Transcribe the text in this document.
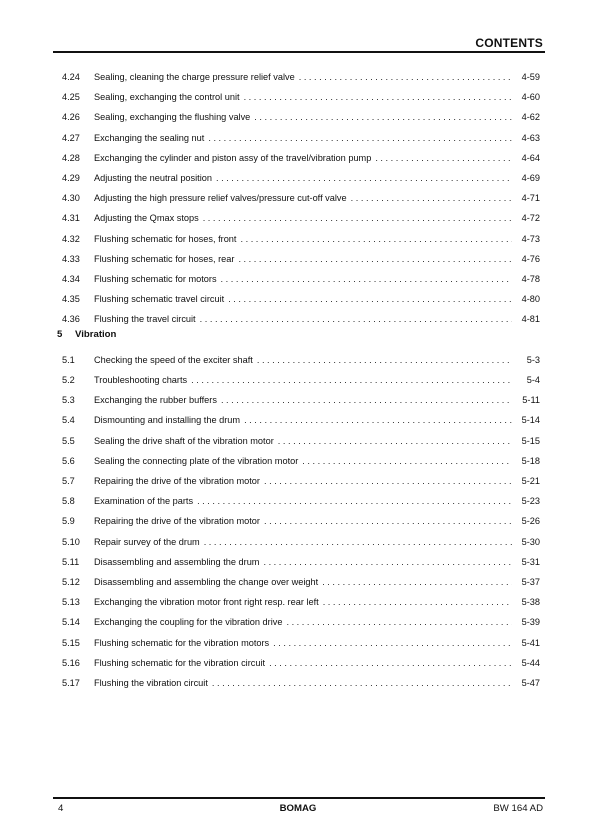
CONTENTS
4.24	Sealing, cleaning the charge pressure relief valve . . .	4-59
4.25	Sealing, exchanging the control unit . . .	4-60
4.26	Sealing, exchanging the flushing valve . . .	4-62
4.27	Exchanging the sealing nut . . .	4-63
4.28	Exchanging the cylinder and piston assy of the travel/vibration pump . . .	4-64
4.29	Adjusting the neutral position . . .	4-69
4.30	Adjusting the high pressure relief valves/pressure cut-off valve . . .	4-71
4.31	Adjusting the Qmax stops . . .	4-72
4.32	Flushing schematic for hoses, front . . .	4-73
4.33	Flushing schematic for hoses, rear . . .	4-76
4.34	Flushing schematic for motors . . .	4-78
4.35	Flushing schematic travel circuit . . .	4-80
4.36	Flushing the travel circuit . . .	4-81
5 Vibration
5.1	Checking the speed of the exciter shaft . . .	5-3
5.2	Troubleshooting charts . . .	5-4
5.3	Exchanging the rubber buffers . . .	5-11
5.4	Dismounting and installing the drum . . .	5-14
5.5	Sealing the drive shaft of the vibration motor . . .	5-15
5.6	Sealing the connecting plate of the vibration motor . . .	5-18
5.7	Repairing the drive of the vibration motor . . .	5-21
5.8	Examination of the parts . . .	5-23
5.9	Repairing the drive of the vibration motor . . .	5-26
5.10	Repair survey of the drum . . .	5-30
5.11	Disassembling and assembling the drum . . .	5-31
5.12	Disassembling and assembling the change over weight . . .	5-37
5.13	Exchanging the vibration motor front right resp. rear left . . .	5-38
5.14	Exchanging the coupling for the vibration drive . . .	5-39
5.15	Flushing schematic for the vibration motors . . .	5-41
5.16	Flushing schematic for the vibration circuit . . .	5-44
5.17	Flushing the vibration circuit . . .	5-47
4	BOMAG	BW 164 AD
